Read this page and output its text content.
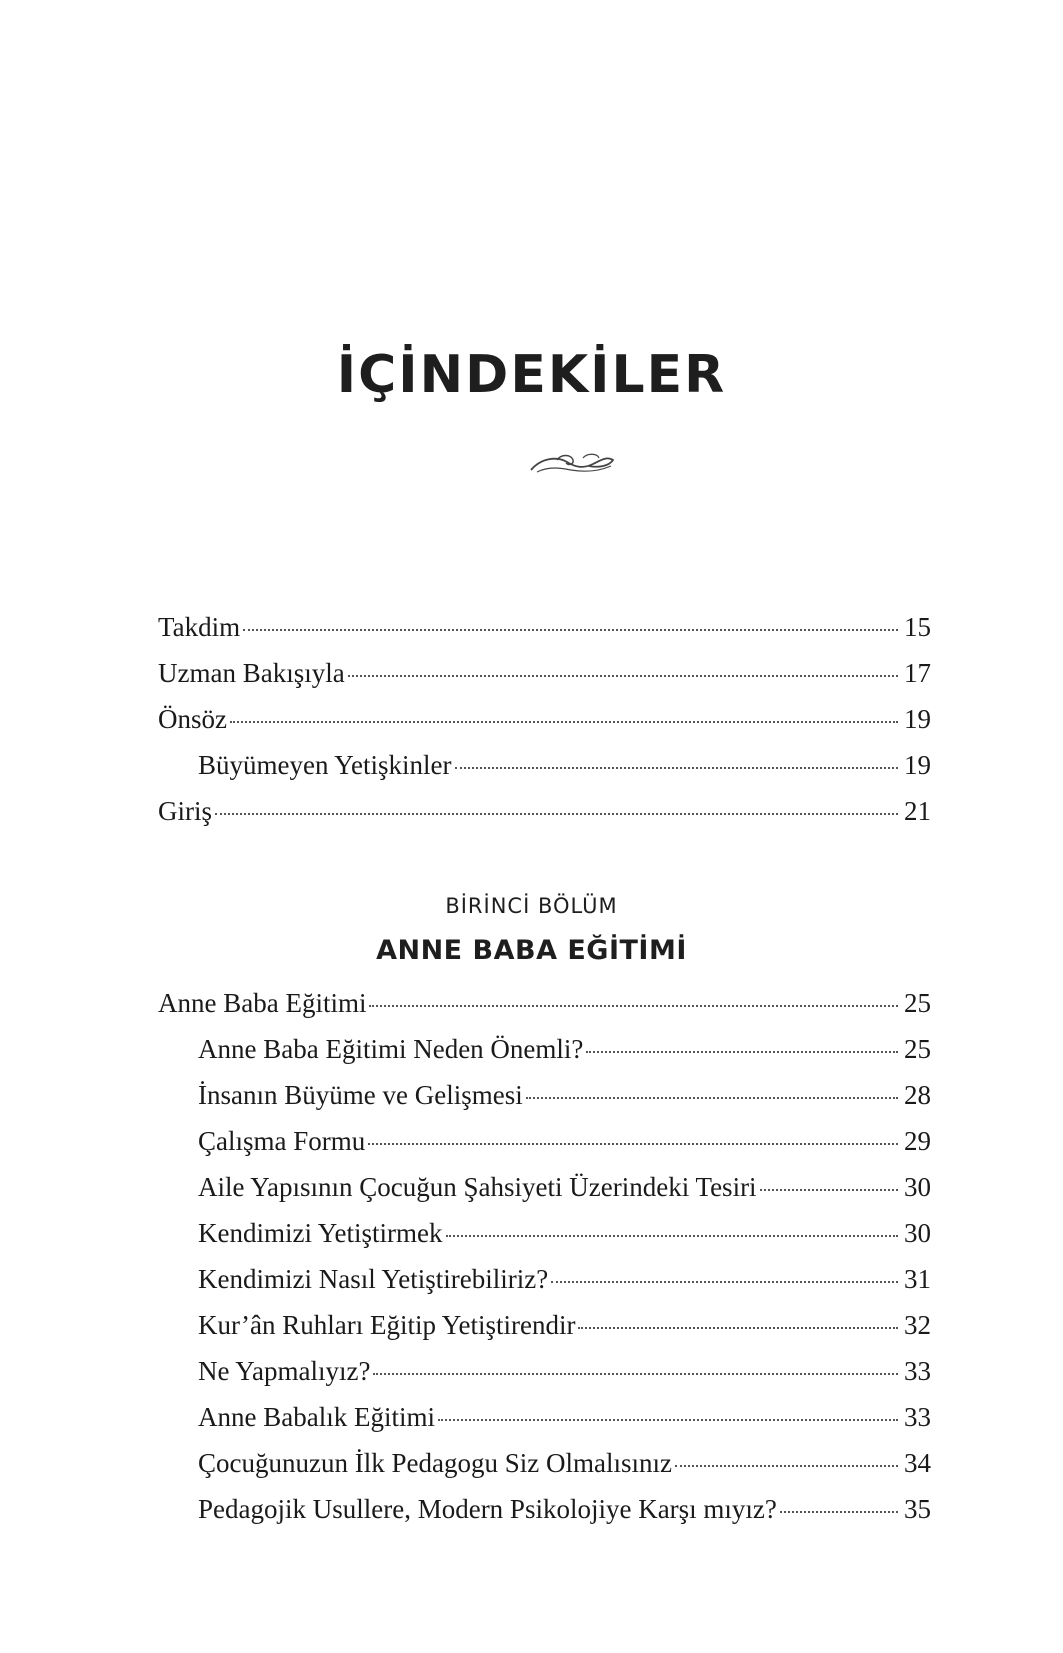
İÇİNDEKİLER
Takdim	15
Uzman Bakışıyla	17
Önsöz	19
Büyümeyen Yetişkinler	19
Giriş	21
BİRİNCİ BÖLÜM
ANNE BABA EĞİTİMİ
Anne Baba Eğitimi	25
Anne Baba Eğitimi Neden Önemli?	25
İnsanın Büyüme ve Gelişmesi	28
Çalışma Formu	29
Aile Yapısının Çocuğun Şahsiyeti Üzerindeki Tesiri	30
Kendimizi Yetiştirmek	30
Kendimizi Nasıl Yetiştirebiliriz?	31
Kur’ân Ruhları Eğitip Yetiştirendir	32
Ne Yapmalıyız?	33
Anne Babalık Eğitimi	33
Çocuğunuzun İlk Pedagogu Siz Olmalısınız	34
Pedagojik Usullere, Modern Psikolojiye Karşı mıyız?	35
